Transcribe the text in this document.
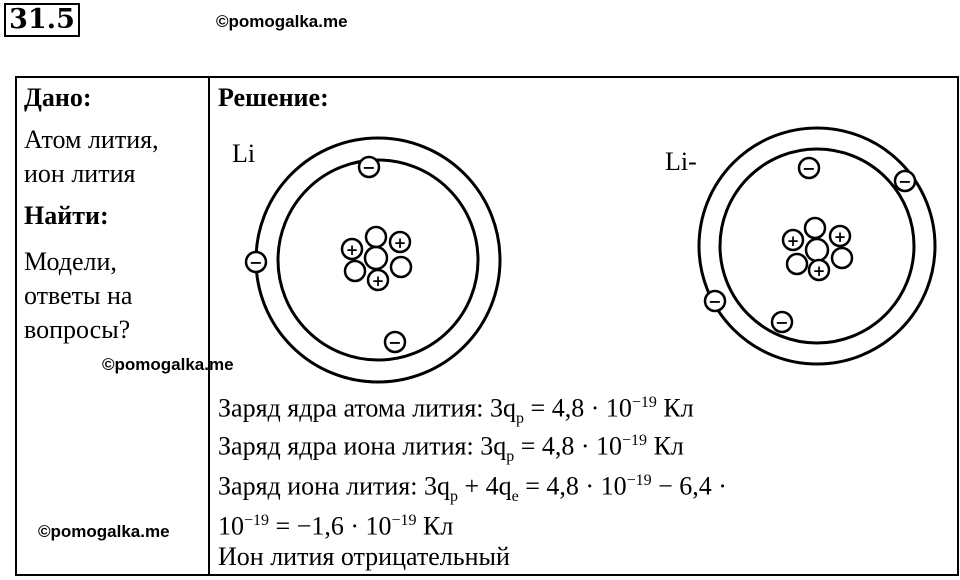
31.5	©pomogalka.me
Дано:
Атом лития,
ион лития
Найти:
Модели,
ответы на
вопросы?
Решение:
Li	Li-
©pomogalka.me
©pomogalka.me
−
−
−
−
−
−
−
+ +
+
+ +
+
Заряд ядра атома лития: $3q_p = 4,8 \cdot 10^{-19}$ Кл
Заряд ядра иона лития: $3q_p = 4,8 \cdot 10^{-19}$ Кл
Заряд иона лития: $3q_p + 4q_e = 4,8 \cdot 10^{-19} - 6,4$ ·
$10^{-19} = -1,6 \cdot 10^{-19}$ Кл
Ион лития отрицательный
